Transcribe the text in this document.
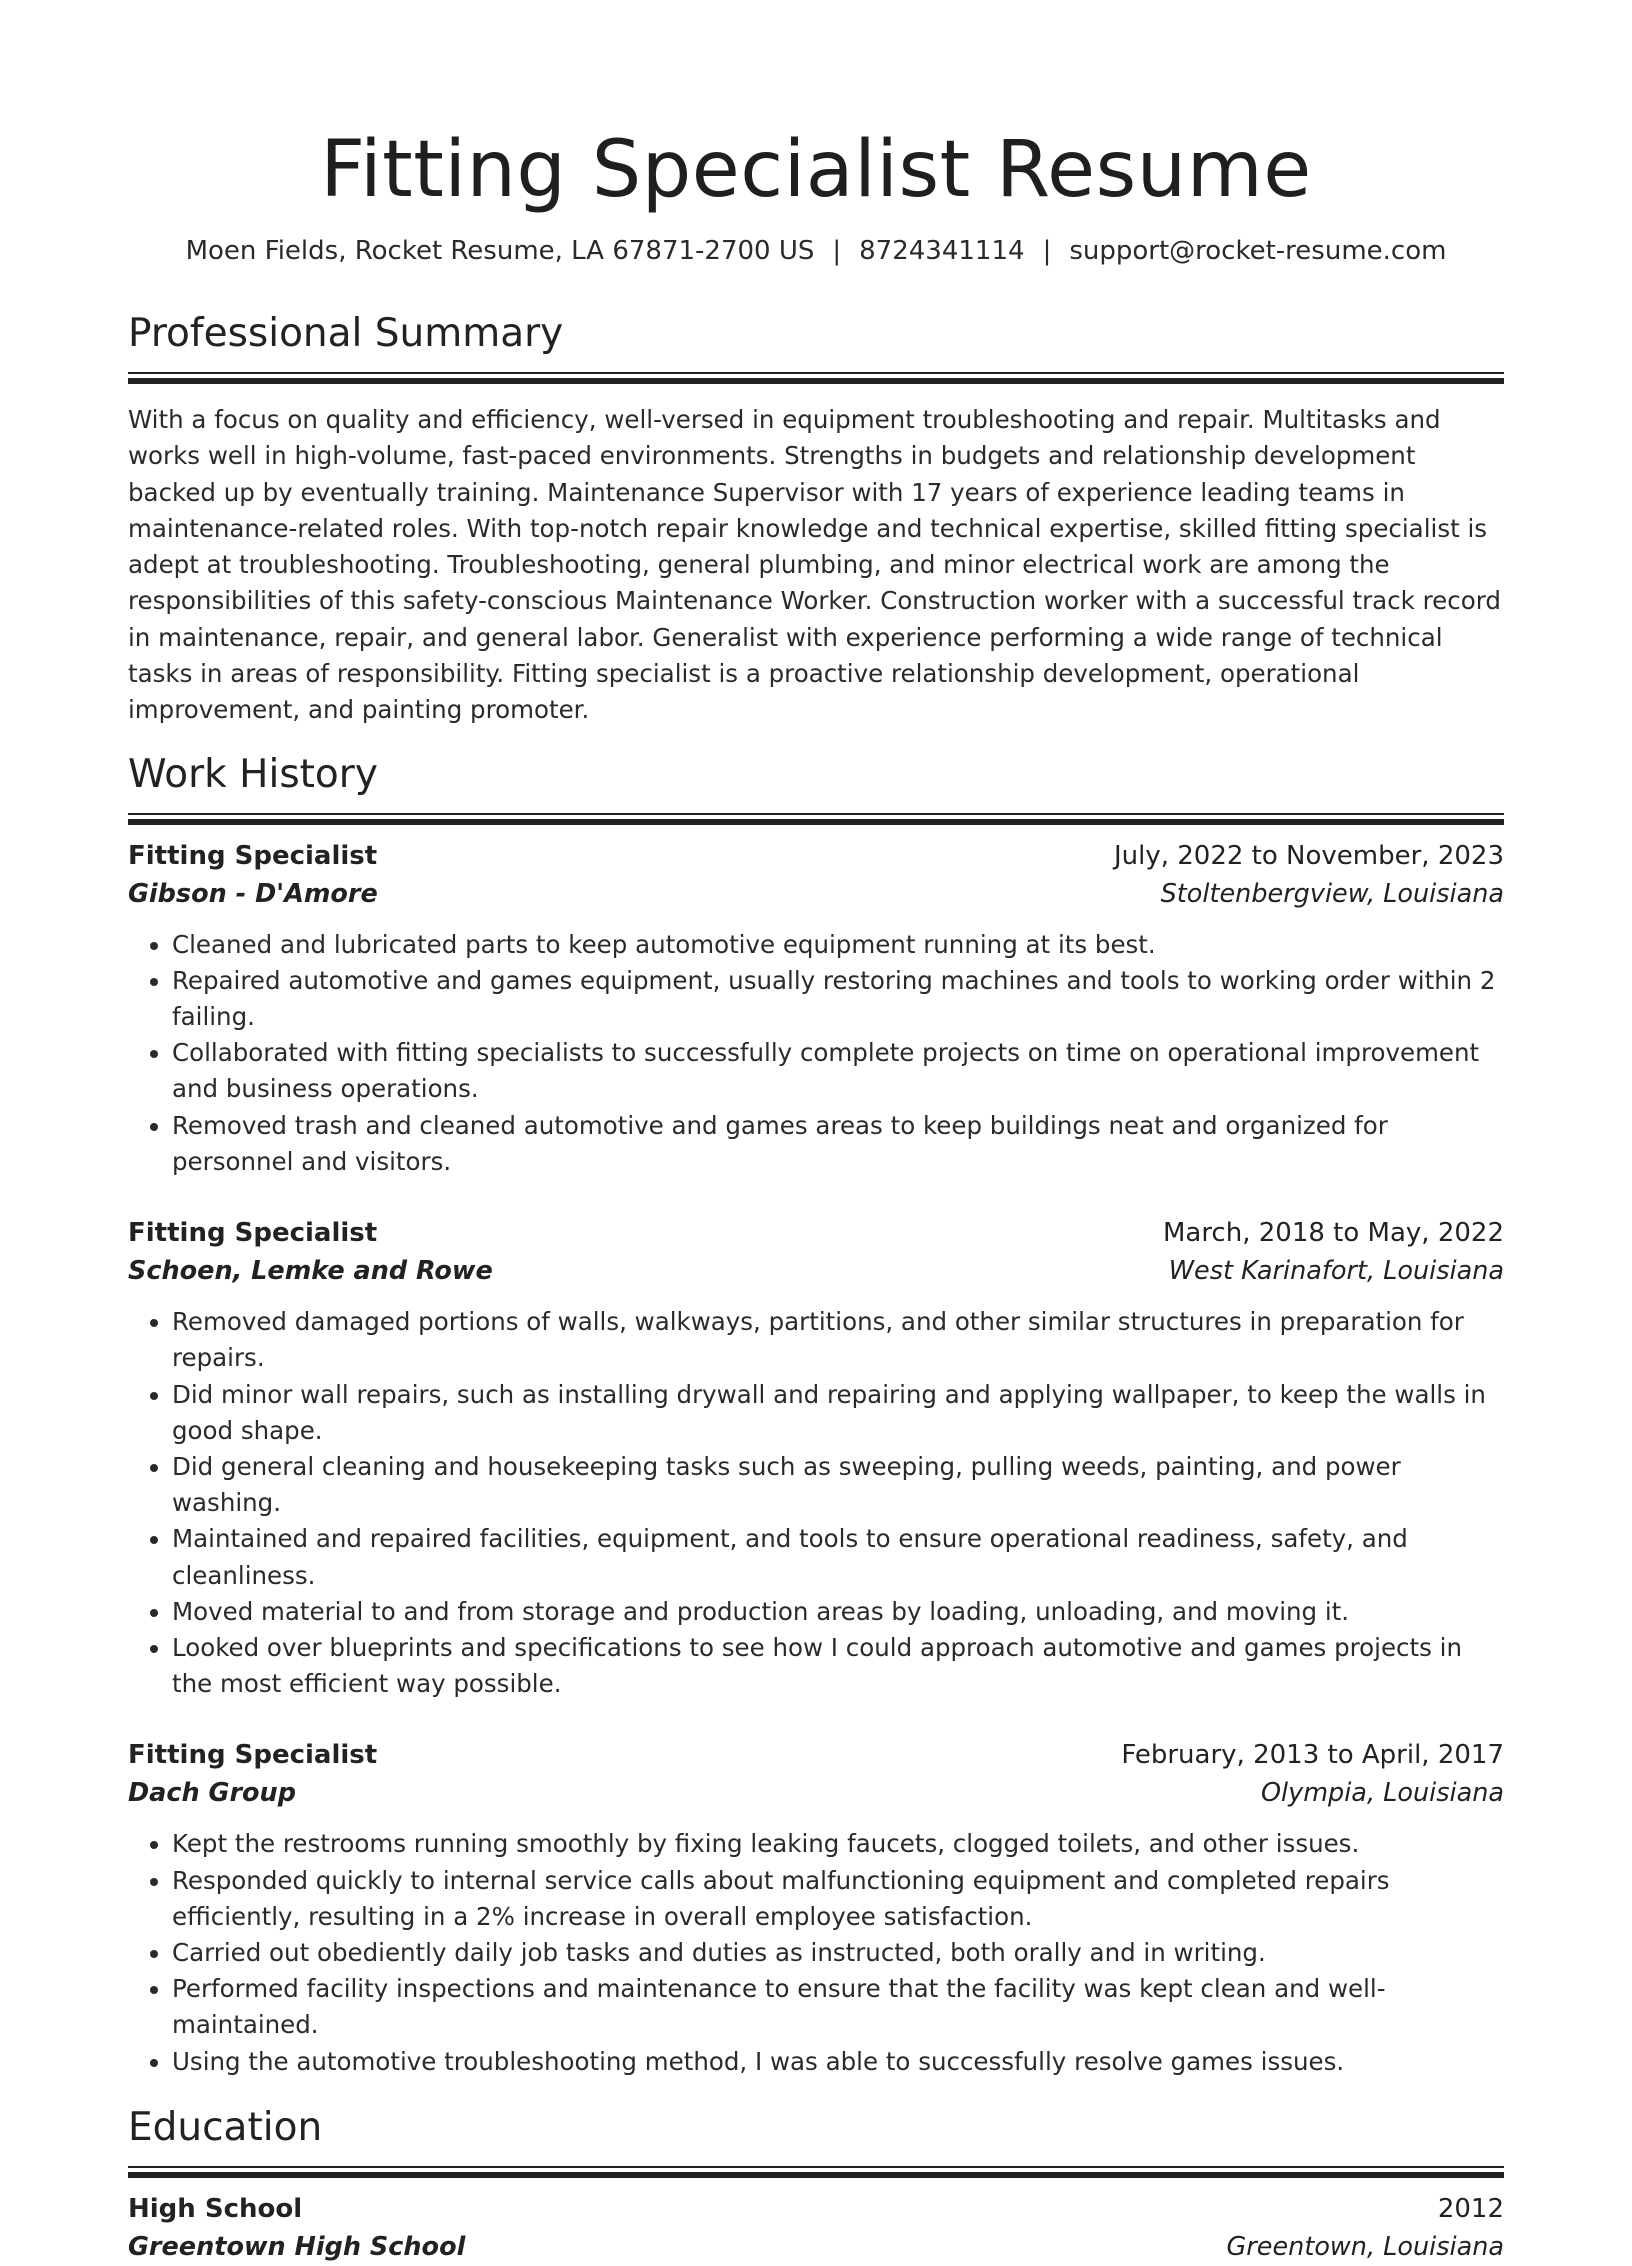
Fitting Specialist Resume
Moen Fields, Rocket Resume, LA 67871-2700 US | 8724341114 | support@rocket-resume.com
Professional Summary
With a focus on quality and efficiency, well-versed in equipment troubleshooting and repair. Multitasks and works well in high-volume, fast-paced environments. Strengths in budgets and relationship development backed up by eventually training. Maintenance Supervisor with 17 years of experience leading teams in maintenance-related roles. With top-notch repair knowledge and technical expertise, skilled fitting specialist is adept at troubleshooting. Troubleshooting, general plumbing, and minor electrical work are among the responsibilities of this safety-conscious Maintenance Worker. Construction worker with a successful track record in maintenance, repair, and general labor. Generalist with experience performing a wide range of technical tasks in areas of responsibility. Fitting specialist is a proactive relationship development, operational improvement, and painting promoter.
Work History
Fitting Specialist	July, 2022 to November, 2023
Gibson - D'Amore	Stoltenbergview, Louisiana
• Cleaned and lubricated parts to keep automotive equipment running at its best.
• Repaired automotive and games equipment, usually restoring machines and tools to working order within 2 failing.
• Collaborated with fitting specialists to successfully complete projects on time on operational improvement and business operations.
• Removed trash and cleaned automotive and games areas to keep buildings neat and organized for personnel and visitors.
Fitting Specialist	March, 2018 to May, 2022
Schoen, Lemke and Rowe	West Karinafort, Louisiana
• Removed damaged portions of walls, walkways, partitions, and other similar structures in preparation for repairs.
• Did minor wall repairs, such as installing drywall and repairing and applying wallpaper, to keep the walls in good shape.
• Did general cleaning and housekeeping tasks such as sweeping, pulling weeds, painting, and power washing.
• Maintained and repaired facilities, equipment, and tools to ensure operational readiness, safety, and cleanliness.
• Moved material to and from storage and production areas by loading, unloading, and moving it.
• Looked over blueprints and specifications to see how I could approach automotive and games projects in the most efficient way possible.
Fitting Specialist	February, 2013 to April, 2017
Dach Group	Olympia, Louisiana
• Kept the restrooms running smoothly by fixing leaking faucets, clogged toilets, and other issues.
• Responded quickly to internal service calls about malfunctioning equipment and completed repairs efficiently, resulting in a 2% increase in overall employee satisfaction.
• Carried out obediently daily job tasks and duties as instructed, both orally and in writing.
• Performed facility inspections and maintenance to ensure that the facility was kept clean and well-maintained.
• Using the automotive troubleshooting method, I was able to successfully resolve games issues.
Education
High School	2012
Greentown High School	Greentown, Louisiana
